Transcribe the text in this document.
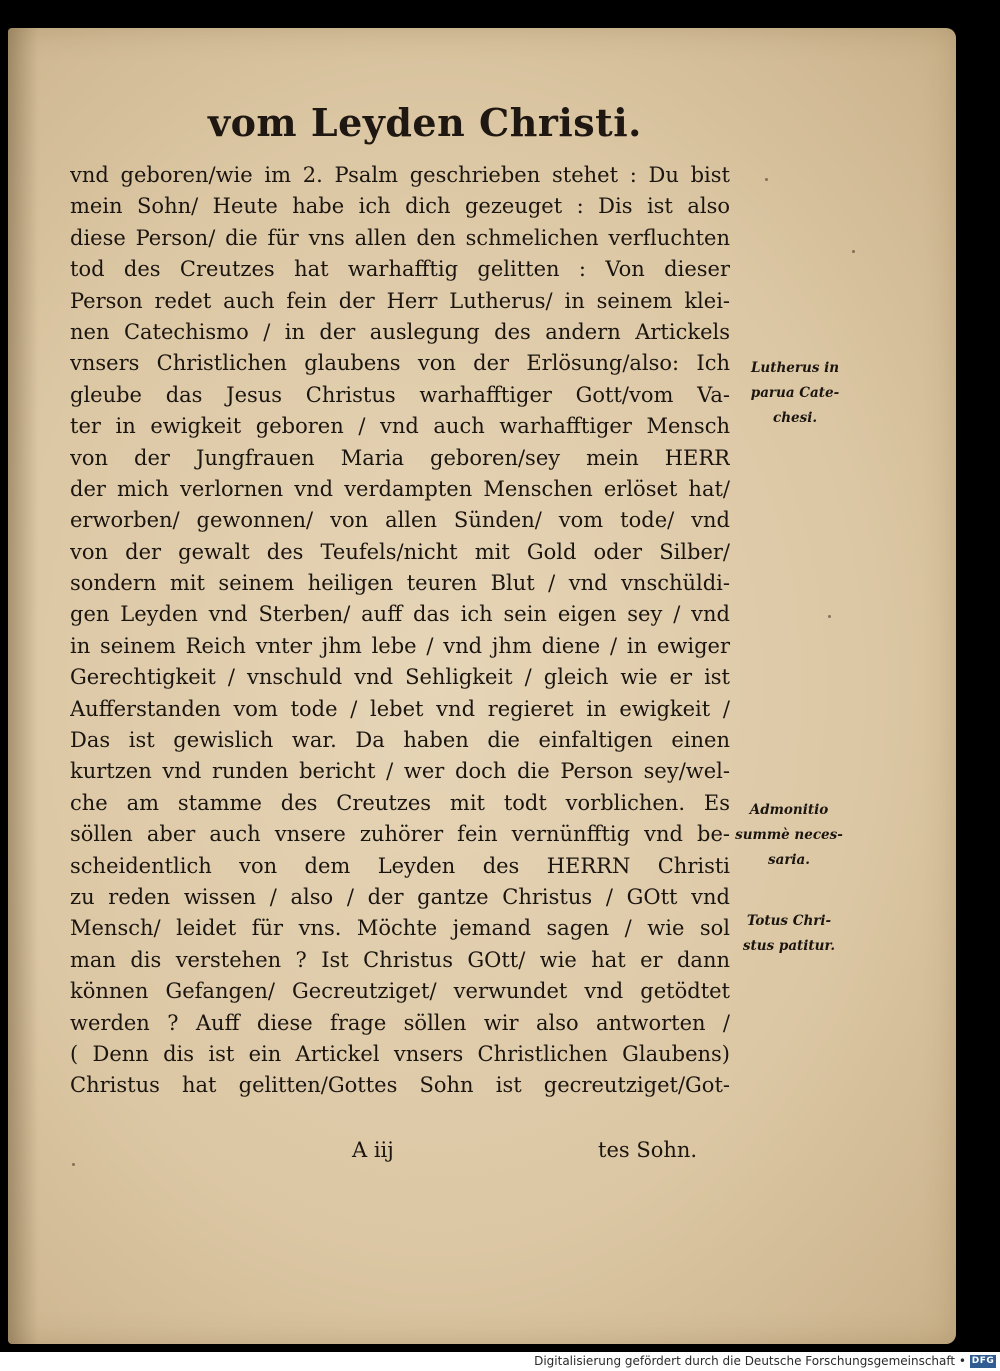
vom Leyden Christi.
vnd geboren/wie im 2. Psalm geschrieben stehet : Du bist
mein Sohn/ Heute habe ich dich gezeuget : Dis ist also
diese Person/ die für vns allen den schmelichen verfluchten
tod des Creutzes hat warhafftig gelitten : Von dieser
Person redet auch fein der Herr Lutherus/ in seinem klei-
nen Catechismo / in der auslegung des andern Artickels
vnsers Christlichen glaubens von der Erlösung/also: Ich
gleube das Jesus Christus warhafftiger Gott/vom Va-
ter in ewigkeit geboren / vnd auch warhafftiger Mensch
von der Jungfrauen Maria geboren/sey mein HERR
der mich verlornen vnd verdampten Menschen erlöset hat/
erworben/ gewonnen/ von allen Sünden/ vom tode/ vnd
von der gewalt des Teufels/nicht mit Gold oder Silber/
sondern mit seinem heiligen teuren Blut / vnd vnschüldi-
gen Leyden vnd Sterben/ auff das ich sein eigen sey / vnd
in seinem Reich vnter jhm lebe / vnd jhm diene / in ewiger
Gerechtigkeit / vnschuld vnd Sehligkeit / gleich wie er ist
Aufferstanden vom tode / lebet vnd regieret in ewigkeit /
Das ist gewislich war. Da haben die einfaltigen einen
kurtzen vnd runden bericht / wer doch die Person sey/wel-
che am stamme des Creutzes mit todt vorblichen. Es
söllen aber auch vnsere zuhörer fein vernünfftig vnd be-
scheidentlich von dem Leyden des HERRN Christi
zu reden wissen / also / der gantze Christus / GOtt vnd
Mensch/ leidet für vns. Möchte jemand sagen / wie sol
man dis verstehen ? Ist Christus GOtt/ wie hat er dann
können Gefangen/ Gecreutziget/ verwundet vnd getödtet
werden ? Auff diese frage söllen wir also antworten /
( Denn dis ist ein Artickel vnsers Christlichen Glaubens)
Christus hat gelitten/Gottes Sohn ist gecreutziget/Got-
A iij	tes Sohn.
Lutherus in
parua Cate-
chesi.
Admonitio
summè neces-
saria.
Totus Chri-
stus patitur.
Digitalisierung gefördert durch die Deutsche Forschungsgemeinschaft • DFG
